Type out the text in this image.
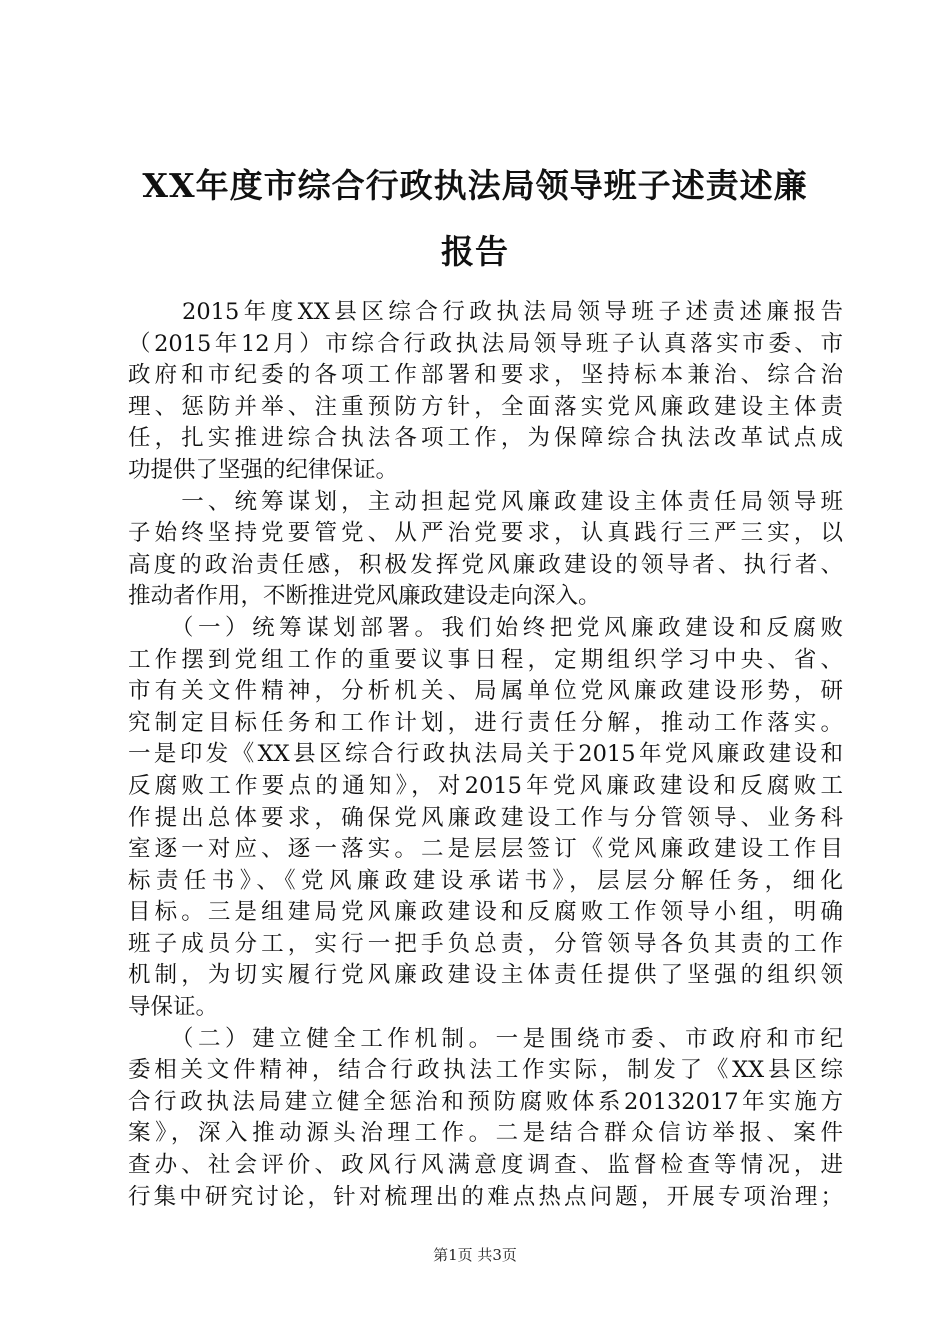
XX年度市综合行政执法局领导班子述责述廉
报告
　　2015年度XX县区综合行政执法局领导班子述责述廉报告
（2015年12月）市综合行政执法局领导班子认真落实市委、市
政府和市纪委的各项工作部署和要求，坚持标本兼治、综合治
理、惩防并举、注重预防方针，全面落实党风廉政建设主体责
任，扎实推进综合执法各项工作，为保障综合执法改革试点成
功提供了坚强的纪律保证。
　　一、统筹谋划，主动担起党风廉政建设主体责任局领导班
子始终坚持党要管党、从严治党要求，认真践行三严三实，以
高度的政治责任感，积极发挥党风廉政建设的领导者、执行者、
推动者作用，不断推进党风廉政建设走向深入。
　　（一）统筹谋划部署。我们始终把党风廉政建设和反腐败
工作摆到党组工作的重要议事日程，定期组织学习中央、省、
市有关文件精神，分析机关、局属单位党风廉政建设形势，研
究制定目标任务和工作计划，进行责任分解，推动工作落实。
一是印发《XX县区综合行政执法局关于2015年党风廉政建设和
反腐败工作要点的通知》，对2015年党风廉政建设和反腐败工
作提出总体要求，确保党风廉政建设工作与分管领导、业务科
室逐一对应、逐一落实。二是层层签订《党风廉政建设工作目
标责任书》、《党风廉政建设承诺书》，层层分解任务，细化
目标。三是组建局党风廉政建设和反腐败工作领导小组，明确
班子成员分工，实行一把手负总责，分管领导各负其责的工作
机制，为切实履行党风廉政建设主体责任提供了坚强的组织领
导保证。
　　（二）建立健全工作机制。一是围绕市委、市政府和市纪
委相关文件精神，结合行政执法工作实际，制发了《XX县区综
合行政执法局建立健全惩治和预防腐败体系20132017年实施方
案》，深入推动源头治理工作。二是结合群众信访举报、案件
查办、社会评价、政风行风满意度调查、监督检查等情况，进
行集中研究讨论，针对梳理出的难点热点问题，开展专项治理；
第1页 共3页
